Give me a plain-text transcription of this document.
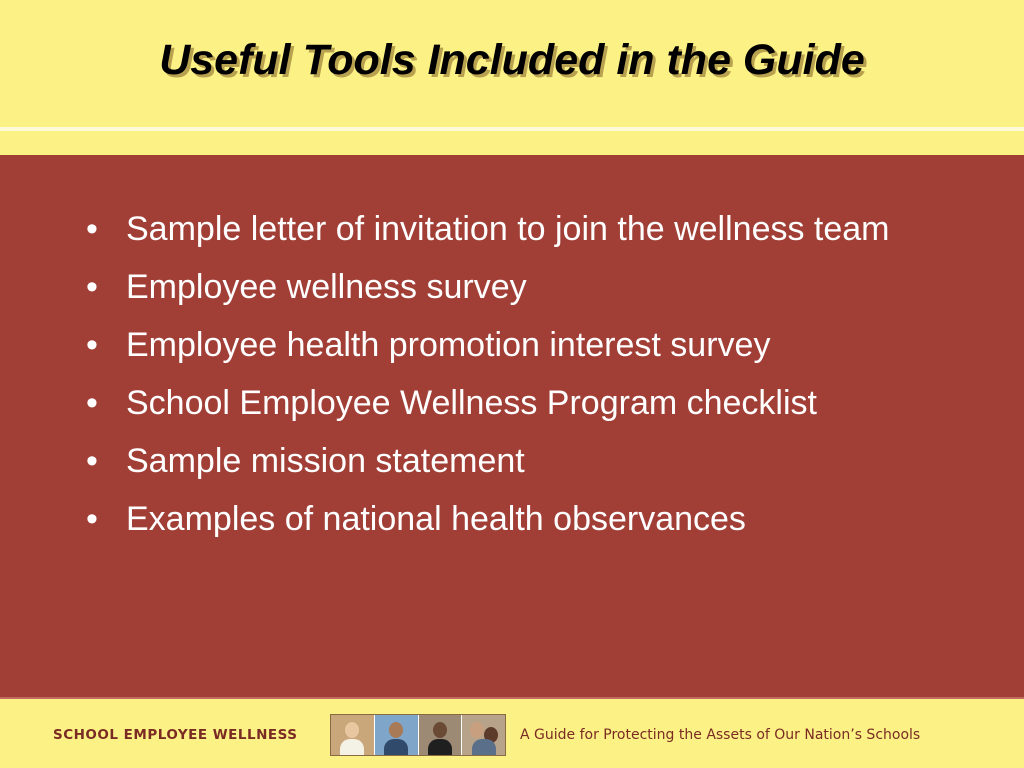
Useful Tools Included in the Guide
• Sample letter of invitation to join the wellness team
• Employee wellness survey
• Employee health promotion interest survey
• School Employee Wellness Program checklist
• Sample mission statement
• Examples of national health observances
SCHOOL EMPLOYEE WELLNESS	A Guide for Protecting the Assets of Our Nation’s Schools
